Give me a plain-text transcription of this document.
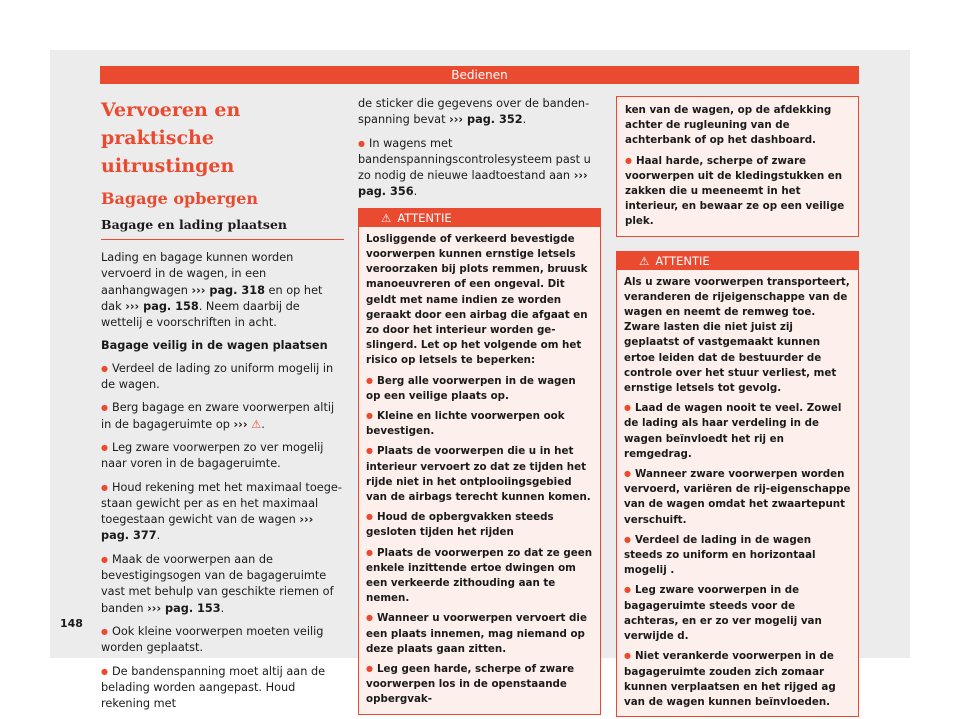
Bedienen
Vervoeren en praktische
uitrustingen
Bagage opbergen
Bagage en lading plaatsen

Lading en bagage kunnen worden vervoerd in de wagen, in een aanhangwagen ››› pag. 318 en op het dak ››› pag. 158. Neem daarbij de wettelij e voorschriften in acht.

Bagage veilig in de wagen plaatsen

● Verdeel de lading zo uniform mogelij in de wagen.

● Berg bagage en zware voorwerpen altij in de bagageruimte op ››› ⚠.

● Leg zware voorwerpen zo ver mogelij naar voren in de bagageruimte.

● Houd rekening met het maximaal toegestaan gewicht per as en het maximaal toegestaan gewicht van de wagen ››› pag. 377.

● Maak de voorwerpen aan de bevestigingsogen van de bagageruimte vast met behulp van geschikte riemen of banden ››› pag. 153.

● Ook kleine voorwerpen moeten veilig worden geplaatst.

● De bandenspanning moet altij aan de belading worden aangepast. Houd rekening met

de sticker die gegevens over de bandenspanning bevat ››› pag. 352.

● In wagens met bandenspanningscontrolesysteem past u zo nodig de nieuwe laadtoestand aan ››› pag. 356.

⚠ ATTENTIE

Losliggende of verkeerd bevestigde voorwerpen kunnen ernstige letsels veroorzaken bij plots remmen, bruusk manoeuvreren of een ongeval. Dit geldt met name indien ze worden geraakt door een airbag die afgaat en zo door het interieur worden geslingerd. Let op het volgende om het risico op letsels te beperken:

● Berg alle voorwerpen in de wagen op een veilige plaats op.

● Kleine en lichte voorwerpen ook bevestigen.

● Plaats de voorwerpen die u in het interieur vervoert zo dat ze tijden het rijde niet in het ontplooiingsgebied van de airbags terecht kunnen komen.

● Houd de opbergvakken steeds gesloten tijden het rijden

● Plaats de voorwerpen zo dat ze geen enkele inzittende ertoe dwingen om een verkeerde zithouding aan te nemen.

● Wanneer u voorwerpen vervoert die een plaats innemen, mag niemand op deze plaats gaan zitten.

● Leg geen harde, scherpe of zware voorwerpen los in de openstaande opbergvak-

ken van de wagen, op de afdekking achter de rugleuning van de achterbank of op het dashboard.

● Haal harde, scherpe of zware voorwerpen uit de kledingstukken en zakken die u meeneemt in het interieur, en bewaar ze op een veilige plek.

⚠ ATTENTIE

Als u zware voorwerpen transporteert, veranderen de rijeigenschappe van de wagen en neemt de remweg toe. Zware lasten die niet juist zij geplaatst of vastgemaakt kunnen ertoe leiden dat de bestuurder de controle over het stuur verliest, met ernstige letsels tot gevolg.

● Laad de wagen nooit te veel. Zowel de lading als haar verdeling in de wagen beïnvloedt het rij en remgedrag.

● Wanneer zware voorwerpen worden vervoerd, variëren de rij-eigenschappe van de wagen omdat het zwaartepunt verschuift.

● Verdeel de lading in de wagen steeds zo uniform en horizontaal mogelij .

● Leg zware voorwerpen in de bagageruimte steeds voor de achteras, en er zo ver mogelij van verwijde d.

● Niet verankerde voorwerpen in de bagageruimte zouden zich zomaar kunnen verplaatsen en het rijged ag van de wagen kunnen beïnvloeden.

148
